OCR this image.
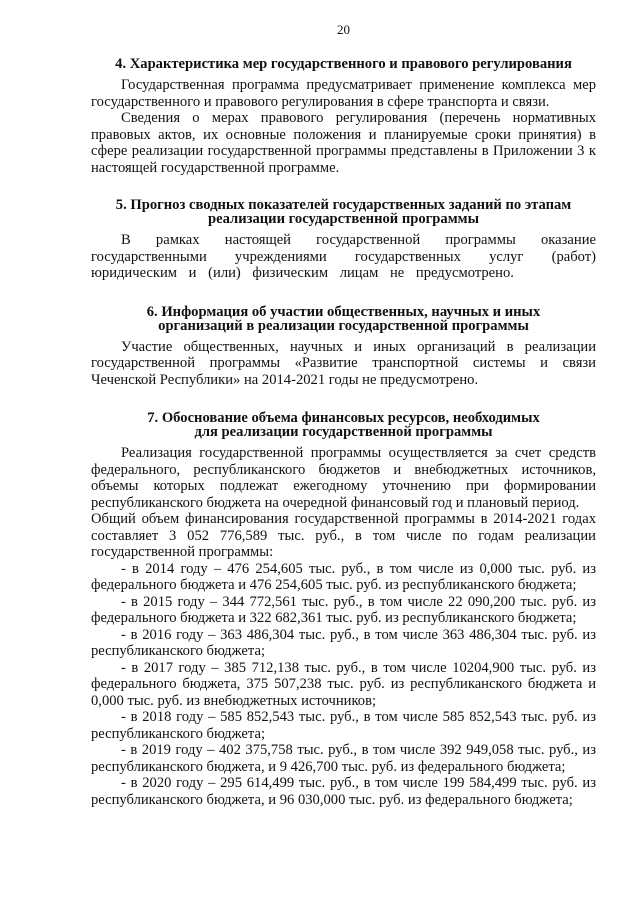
20
4. Характеристика мер государственного и правового регулирования

Государственная программа предусматривает применение комплекса мер государственного и правового регулирования в сфере транспорта и связи.

Сведения о мерах правового регулирования (перечень нормативных правовых актов, их основные положения и планируемые сроки принятия) в сфере реализации государственной программы представлены в Приложении 3 к настоящей государственной программе.

5. Прогноз сводных показателей государственных заданий по этапам
реализации государственной программы

В рамках настоящей государственной программы оказание государственными учреждениями государственных услуг (работ) юридическим и (или) физическим лицам не предусмотрено.

6. Информация об участии общественных, научных и иных
организаций в реализации государственной программы

Участие общественных, научных и иных организаций в реализации государственной программы «Развитие транспортной системы и связи Чеченской Республики» на 2014-2021 годы не предусмотрено.

7. Обоснование объема финансовых ресурсов, необходимых
для реализации государственной программы

Реализация государственной программы осуществляется за счет средств федерального, республиканского бюджетов и внебюджетных источников, объемы которых подлежат ежегодному уточнению при формировании республиканского бюджета на очередной финансовый год и плановый период.

Общий объем финансирования государственной программы в 2014-2021 годах составляет 3 052 776,589 тыс. руб., в том числе по годам реализации государственной программы:

- в 2014 году – 476 254,605 тыс. руб., в том числе из 0,000 тыс. руб. из федерального бюджета и 476 254,605 тыс. руб. из республиканского бюджета;

- в 2015 году – 344 772,561 тыс. руб., в том числе 22 090,200 тыс. руб. из федерального бюджета и 322 682,361 тыс. руб. из республиканского бюджета;

- в 2016 году – 363 486,304 тыс. руб., в том числе 363 486,304 тыс. руб. из республиканского бюджета;

- в 2017 году – 385 712,138 тыс. руб., в том числе 10204,900 тыс. руб. из федерального бюджета, 375 507,238 тыс. руб. из республиканского бюджета и 0,000 тыс. руб. из внебюджетных источников;

- в 2018 году – 585 852,543 тыс. руб., в том числе 585 852,543 тыс. руб. из республиканского бюджета;

- в 2019 году – 402 375,758 тыс. руб., в том числе 392 949,058 тыс. руб., из республиканского бюджета, и 9 426,700 тыс. руб. из федерального бюджета;

- в 2020 году – 295 614,499 тыс. руб., в том числе 199 584,499 тыс. руб. из республиканского бюджета, и 96 030,000 тыс. руб. из федерального бюджета;
